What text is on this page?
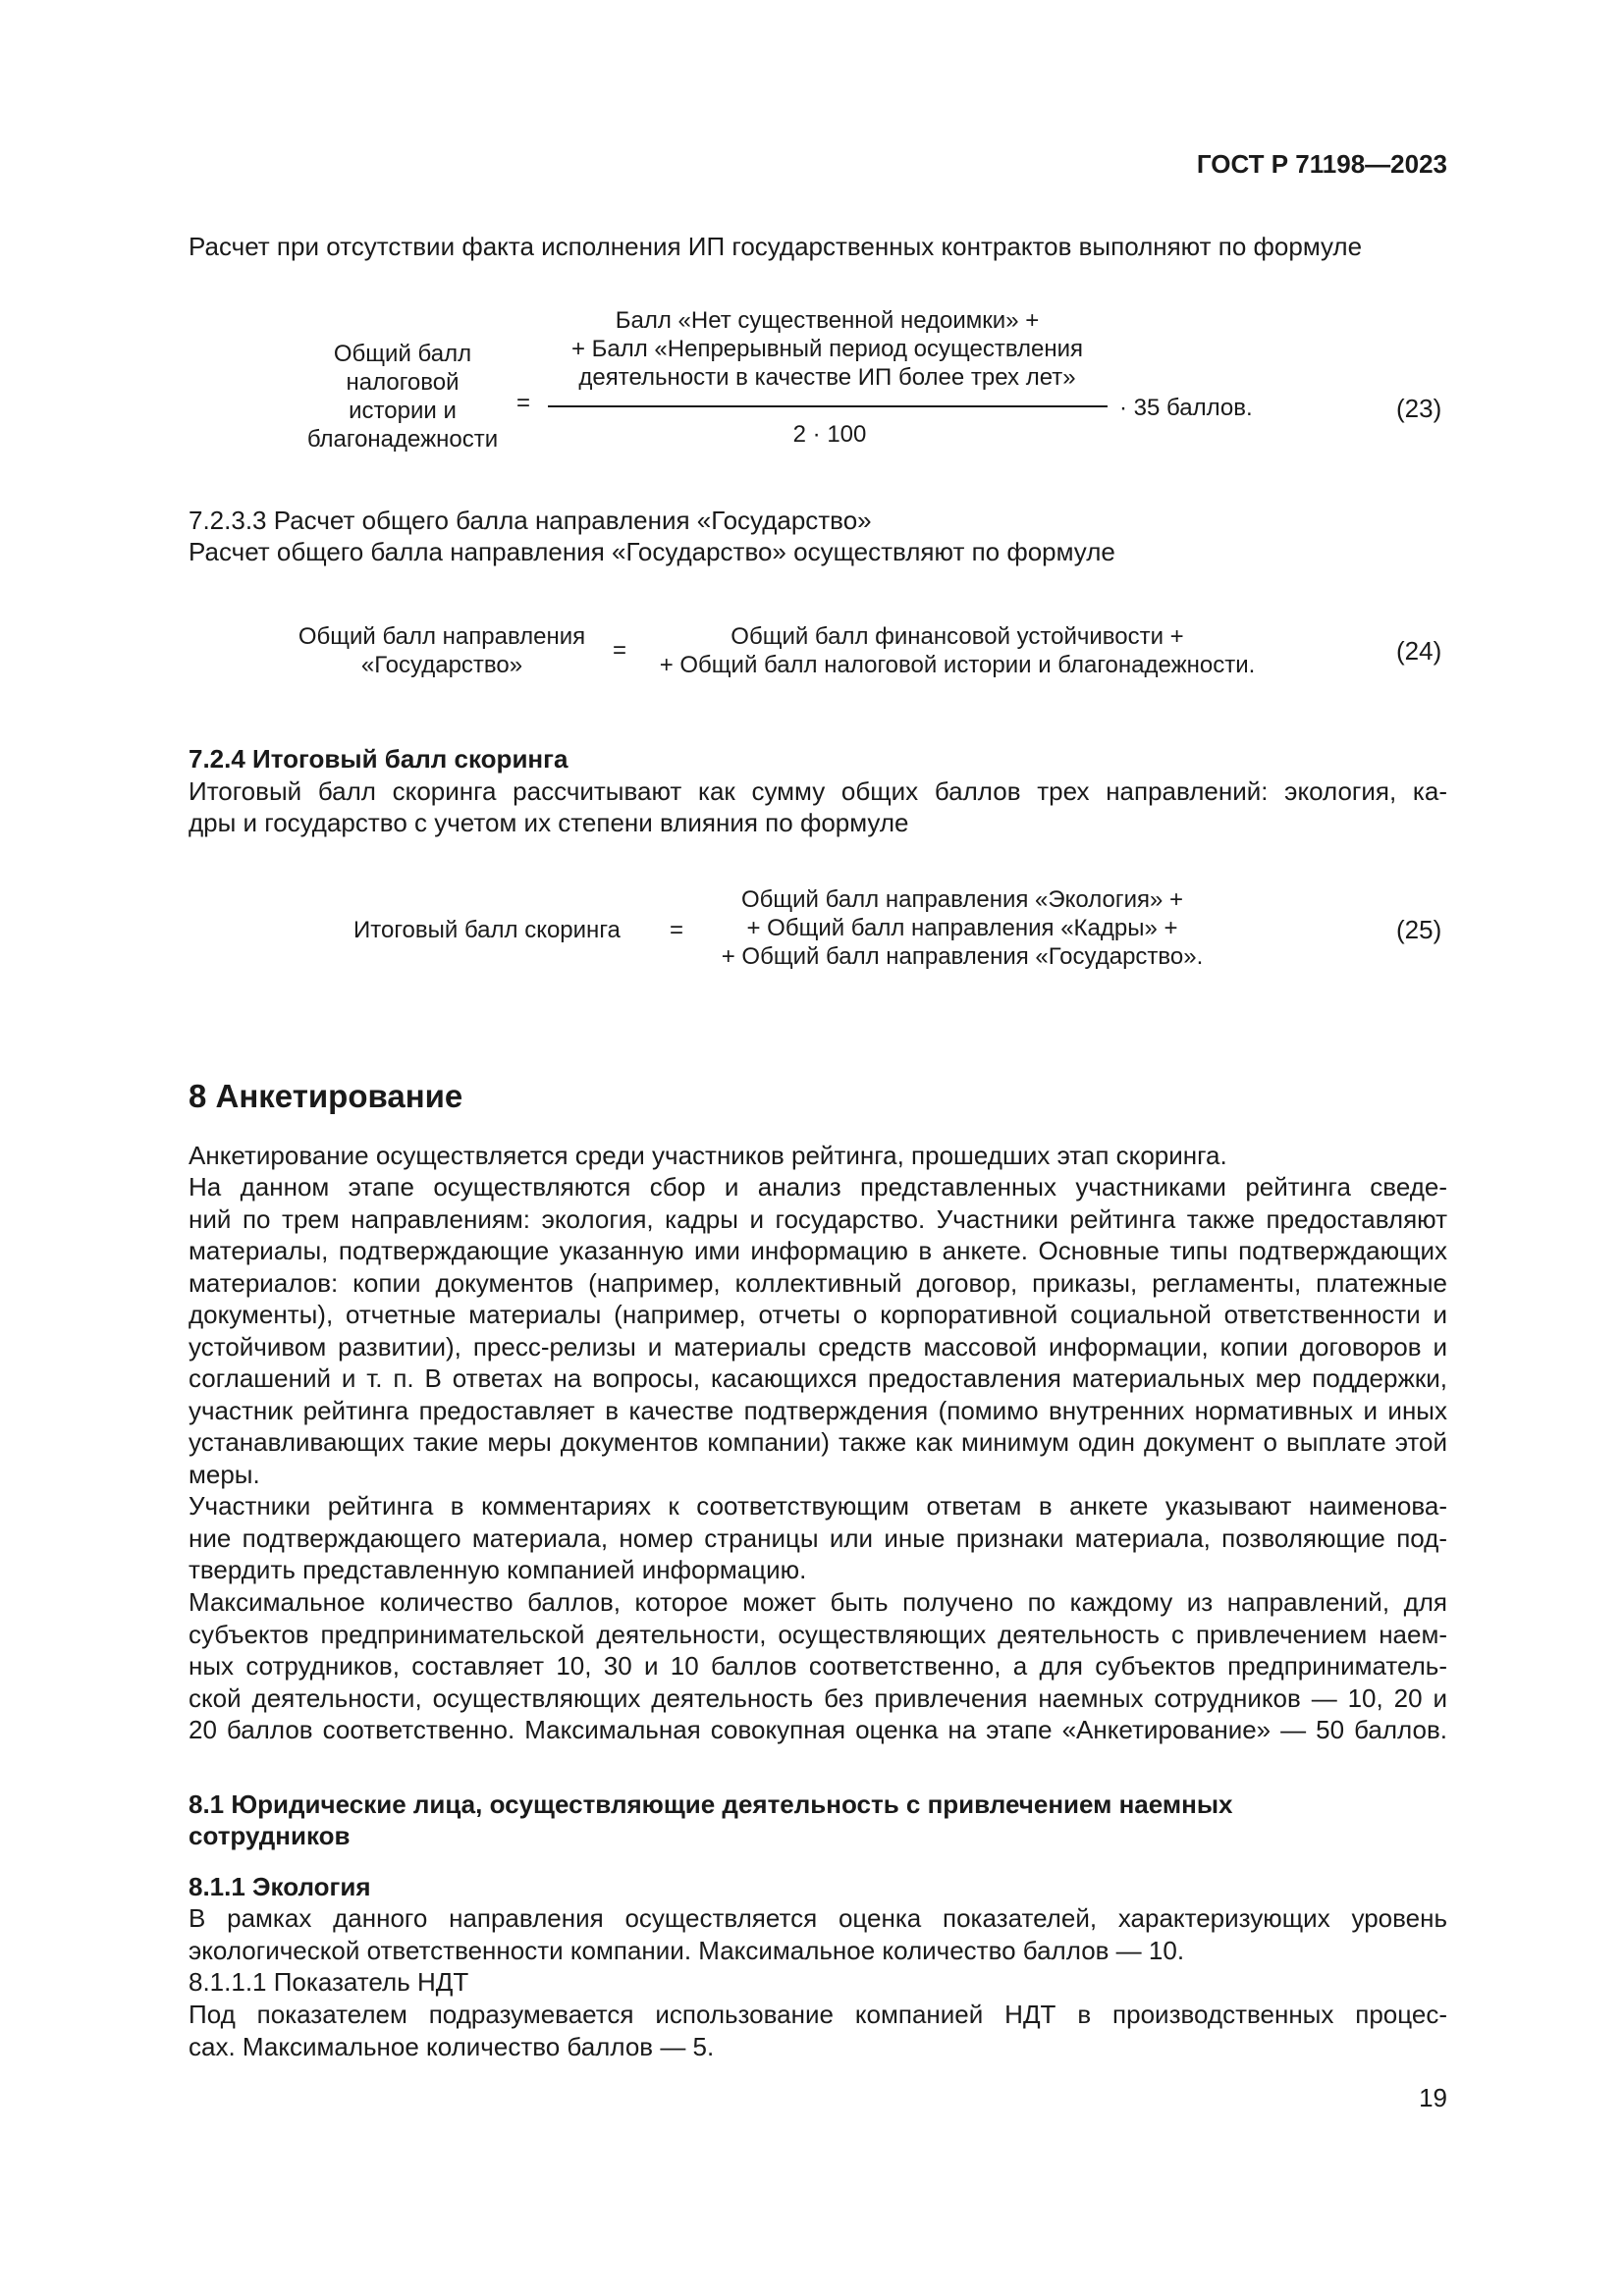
ГОСТ Р 71198—2023
Расчет при отсутствии факта исполнения ИП государственных контрактов выполняют по формуле
Общий балл
налоговой
истории и
благонадежности
=
Балл «Нет существенной недоимки» +
+ Балл «Непрерывный период осуществления
деятельности в качестве ИП более трех лет»
2 · 100
· 35 баллов.	(23)
7.2.3.3 Расчет общего балла направления «Государство»
Расчет общего балла направления «Государство» осуществляют по формуле
Общий балл направления
«Государство»
=
Общий балл финансовой устойчивости +
+ Общий балл налоговой истории и благонадежности.	(24)
7.2.4 Итоговый балл скоринга
Итоговый балл скоринга рассчитывают как сумму общих баллов трех направлений: экология, ка-
дры и государство с учетом их степени влияния по формуле
Итоговый балл скоринга =
Общий балл направления «Экология» +
+ Общий балл направления «Кадры» +
+ Общий балл направления «Государство».
(25)
8 Анкетирование
Анкетирование осуществляется среди участников рейтинга, прошедших этап скоринга.
На данном этапе осуществляются сбор и анализ представленных участниками рейтинга сведе-
ний по трем направлениям: экология, кадры и государство. Участники рейтинга также предоставляют
материалы, подтверждающие указанную ими информацию в анкете. Основные типы подтверждающих
материалов: копии документов (например, коллективный договор, приказы, регламенты, платежные
документы), отчетные материалы (например, отчеты о корпоративной социальной ответственности и
устойчивом развитии), пресс-релизы и материалы средств массовой информации, копии договоров и
соглашений и т. п. В ответах на вопросы, касающихся предоставления материальных мер поддержки,
участник рейтинга предоставляет в качестве подтверждения (помимо внутренних нормативных и иных
устанавливающих такие меры документов компании) также как минимум один документ о выплате этой
меры.
Участники рейтинга в комментариях к соответствующим ответам в анкете указывают наименова-
ние подтверждающего материала, номер страницы или иные признаки материала, позволяющие под-
твердить представленную компанией информацию.
Максимальное количество баллов, которое может быть получено по каждому из направлений, для
субъектов предпринимательской деятельности, осуществляющих деятельность с привлечением наем-
ных сотрудников, составляет 10, 30 и 10 баллов соответственно, а для субъектов предприниматель-
ской деятельности, осуществляющих деятельность без привлечения наемных сотрудников — 10, 20 и
20 баллов соответственно. Максимальная совокупная оценка на этапе «Анкетирование» — 50 баллов.
8.1 Юридические лица, осуществляющие деятельность с привлечением наемных
сотрудников
8.1.1 Экология
В рамках данного направления осуществляется оценка показателей, характеризующих уровень
экологической ответственности компании. Максимальное количество баллов — 10.
8.1.1.1 Показатель НДТ
Под показателем подразумевается использование компанией НДТ в производственных процес-
сах. Максимальное количество баллов — 5.
19
